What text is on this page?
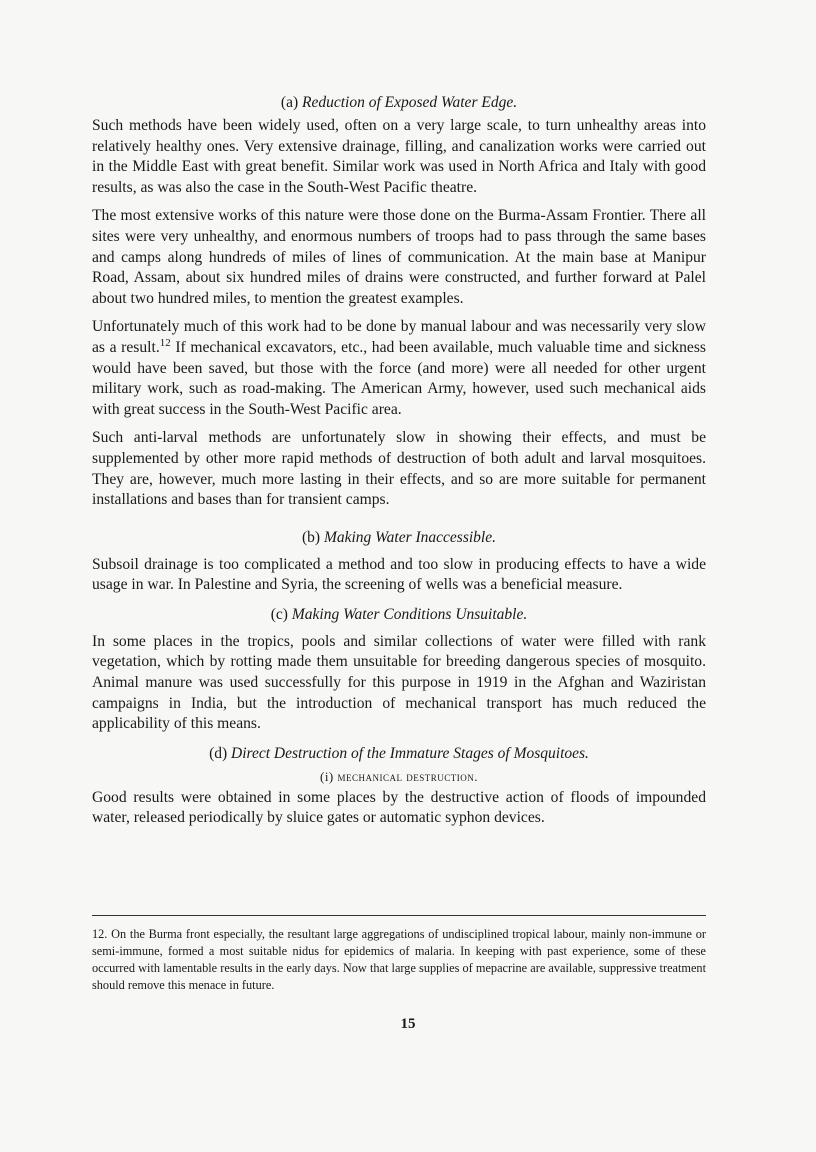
(a) Reduction of Exposed Water Edge.

Such methods have been widely used, often on a very large scale, to turn unhealthy areas into relatively healthy ones. Very extensive drainage, filling, and canalization works were carried out in the Middle East with great benefit. Similar work was used in North Africa and Italy with good results, as was also the case in the South-West Pacific theatre.

The most extensive works of this nature were those done on the Burma-Assam Frontier. There all sites were very unhealthy, and enormous numbers of troops had to pass through the same bases and camps along hundreds of miles of lines of communication. At the main base at Manipur Road, Assam, about six hundred miles of drains were constructed, and further forward at Palel about two hundred miles, to mention the greatest examples.

Unfortunately much of this work had to be done by manual labour and was necessarily very slow as a result.$^{12}$ If mechanical excavators, etc., had been available, much valuable time and sickness would have been saved, but those with the force (and more) were all needed for other urgent military work, such as road-making. The American Army, however, used such mechanical aids with great success in the South-West Pacific area.

Such anti-larval methods are unfortunately slow in showing their effects, and must be supplemented by other more rapid methods of destruction of both adult and larval mosquitoes. They are, however, much more lasting in their effects, and so are more suitable for permanent installations and bases than for transient camps.

(b) Making Water Inaccessible.

Subsoil drainage is too complicated a method and too slow in producing effects to have a wide usage in war. In Palestine and Syria, the screening of wells was a beneficial measure.

(c) Making Water Conditions Unsuitable.

In some places in the tropics, pools and similar collections of water were filled with rank vegetation, which by rotting made them unsuitable for breeding dangerous species of mosquito. Animal manure was used successfully for this purpose in 1919 in the Afghan and Waziristan campaigns in India, but the introduction of mechanical transport has much reduced the applicability of this means.

(d) Direct Destruction of the Immature Stages of Mosquitoes.
(i) mechanical destruction.

Good results were obtained in some places by the destructive action of floods of impounded water, released periodically by sluice gates or automatic syphon devices.

12. On the Burma front especially, the resultant large aggregations of undisciplined tropical labour, mainly non-immune or semi-immune, formed a most suitable nidus for epidemics of malaria. In keeping with past experience, some of these occurred with lamentable results in the early days. Now that large supplies of mepacrine are available, suppressive treatment should remove this menace in future.

15
